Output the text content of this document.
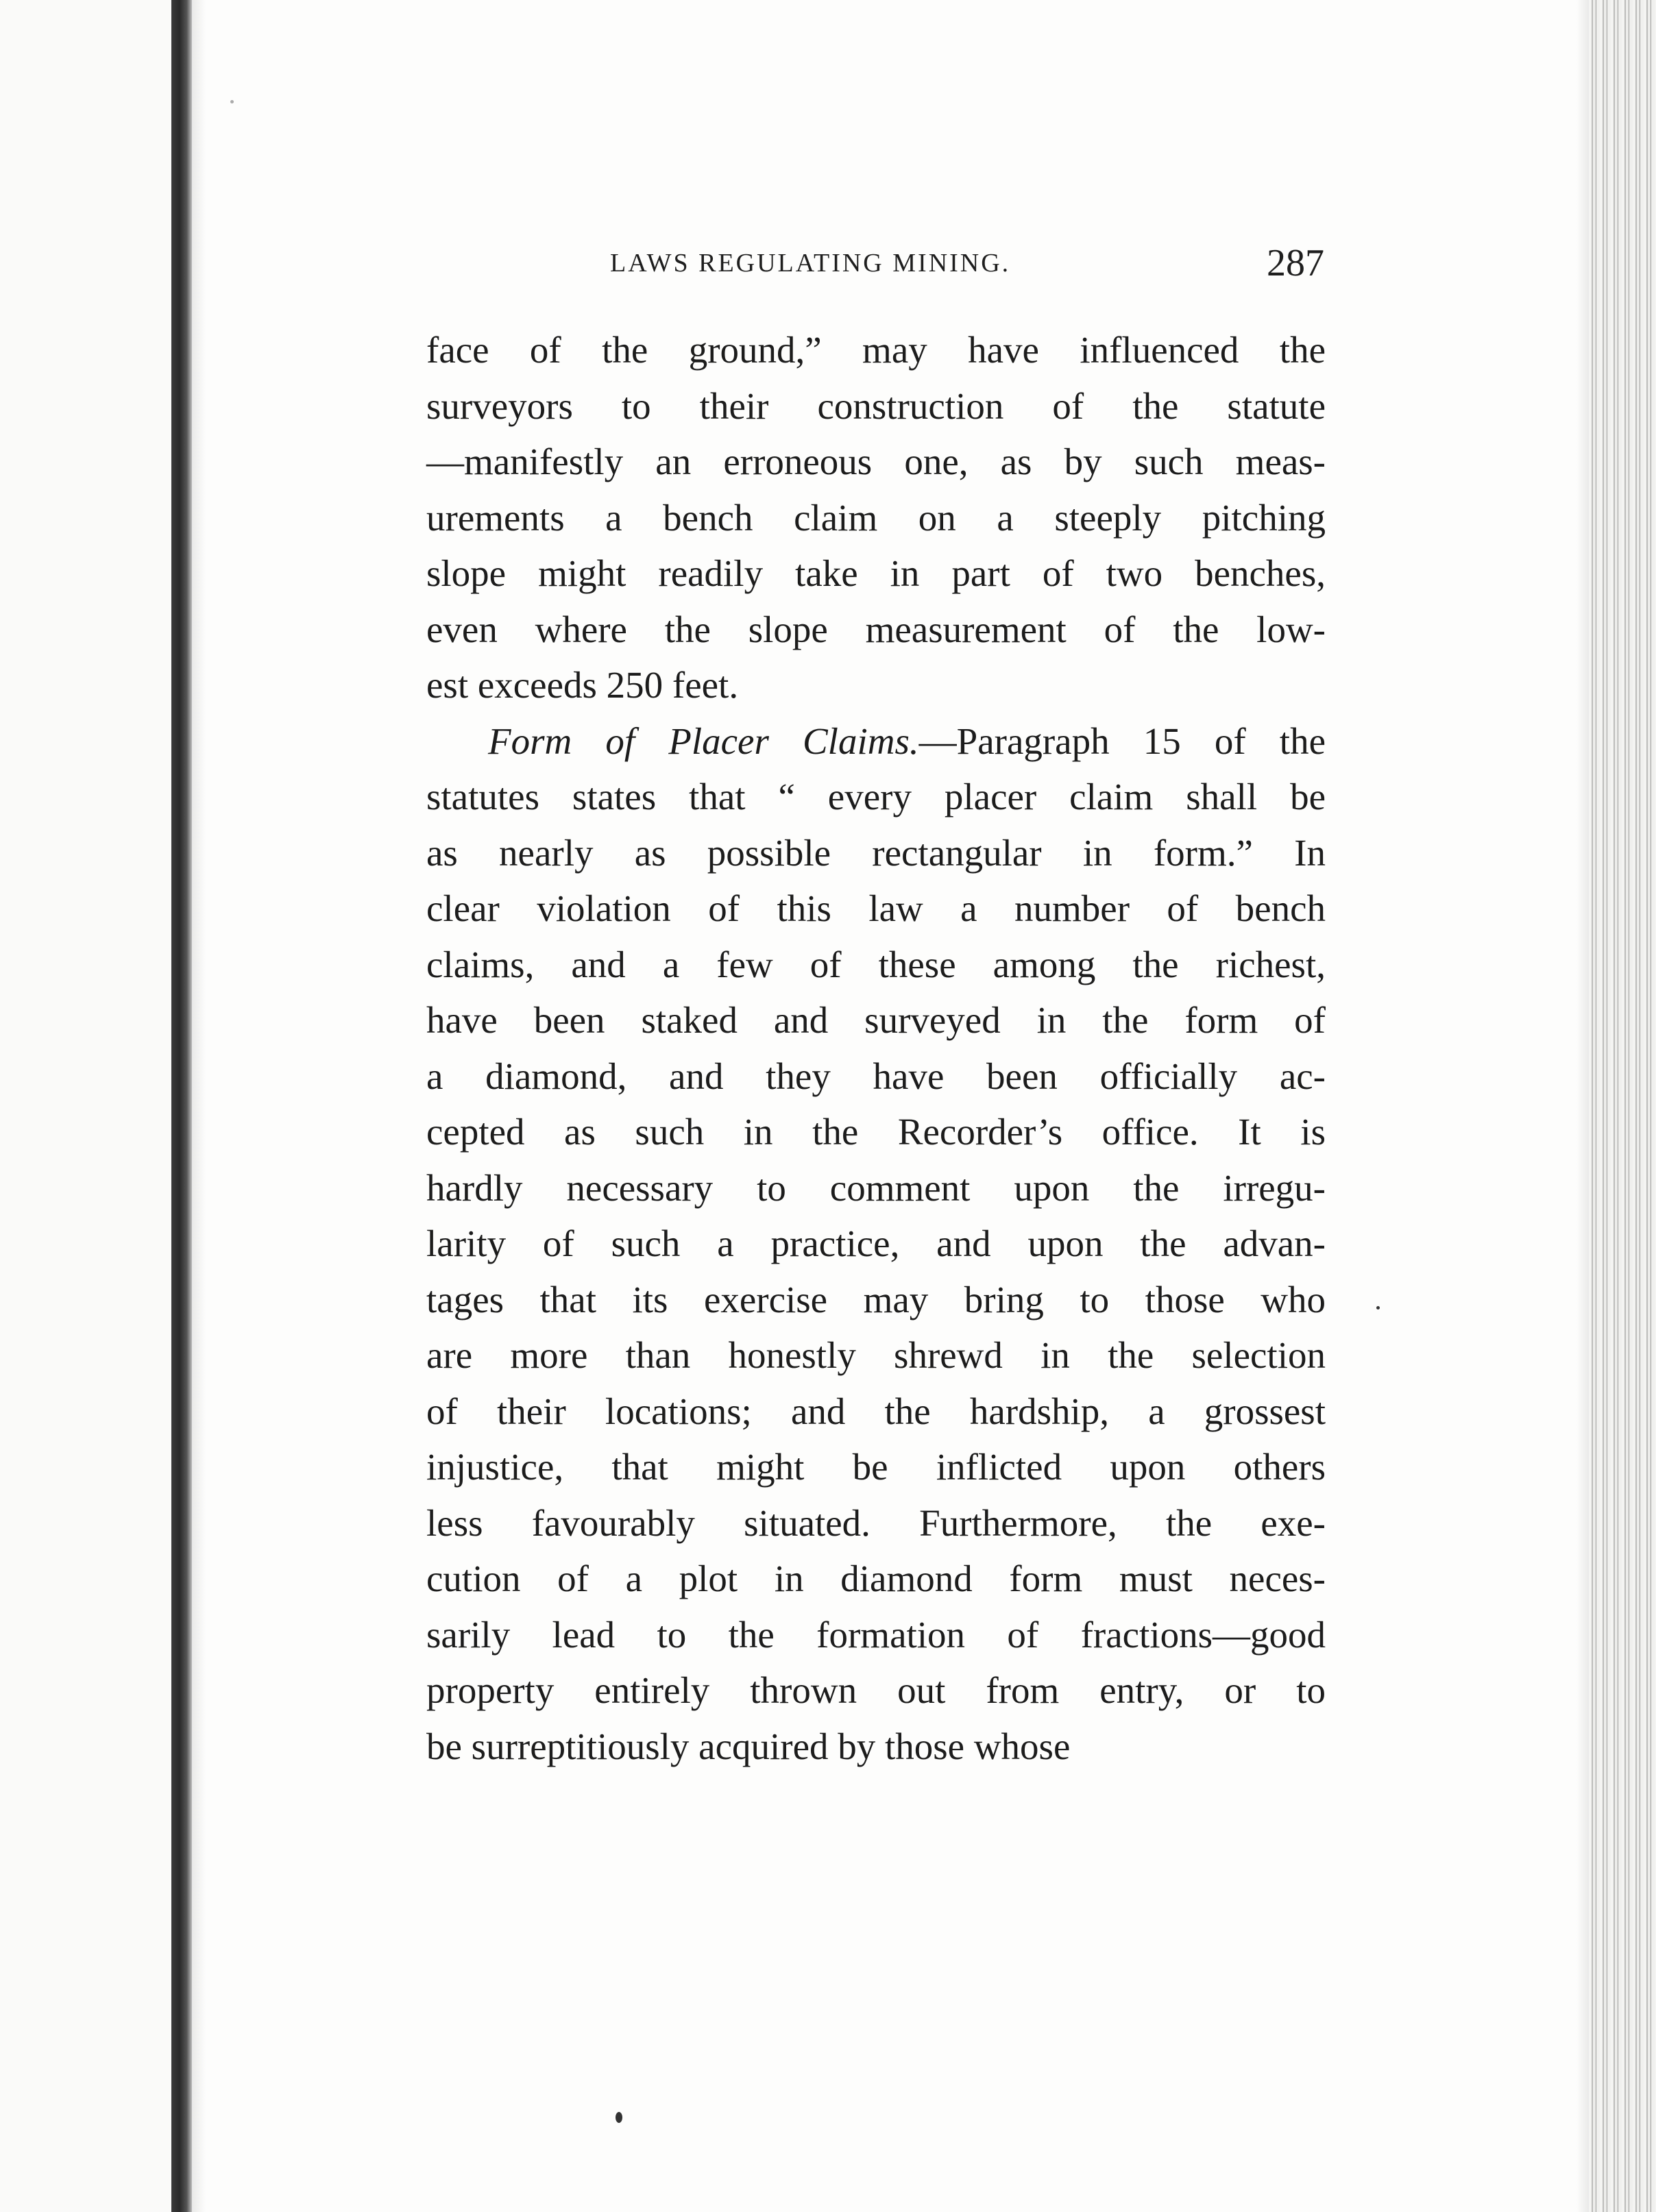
LAWS REGULATING MINING.	287
face of the ground,” may have influenced the
surveyors to their construction of the statute
—manifestly an erroneous one, as by such meas-
urements a bench claim on a steeply pitching
slope might readily take in part of two benches,
even where the slope measurement of the low-
est exceeds 250 feet.
Form of Placer Claims.—Paragraph 15 of the
statutes states that “ every placer claim shall be
as nearly as possible rectangular in form.” In
clear violation of this law a number of bench
claims, and a few of these among the richest,
have been staked and surveyed in the form of
a diamond, and they have been officially ac-
cepted as such in the Recorder’s office. It is
hardly necessary to comment upon the irregu-
larity of such a practice, and upon the advan-
tages that its exercise may bring to those who
are more than honestly shrewd in the selection
of their locations; and the hardship, a grossest
injustice, that might be inflicted upon others
less favourably situated. Furthermore, the exe-
cution of a plot in diamond form must neces-
sarily lead to the formation of fractions—good
property entirely thrown out from entry, or to
be surreptitiously acquired by those whose
